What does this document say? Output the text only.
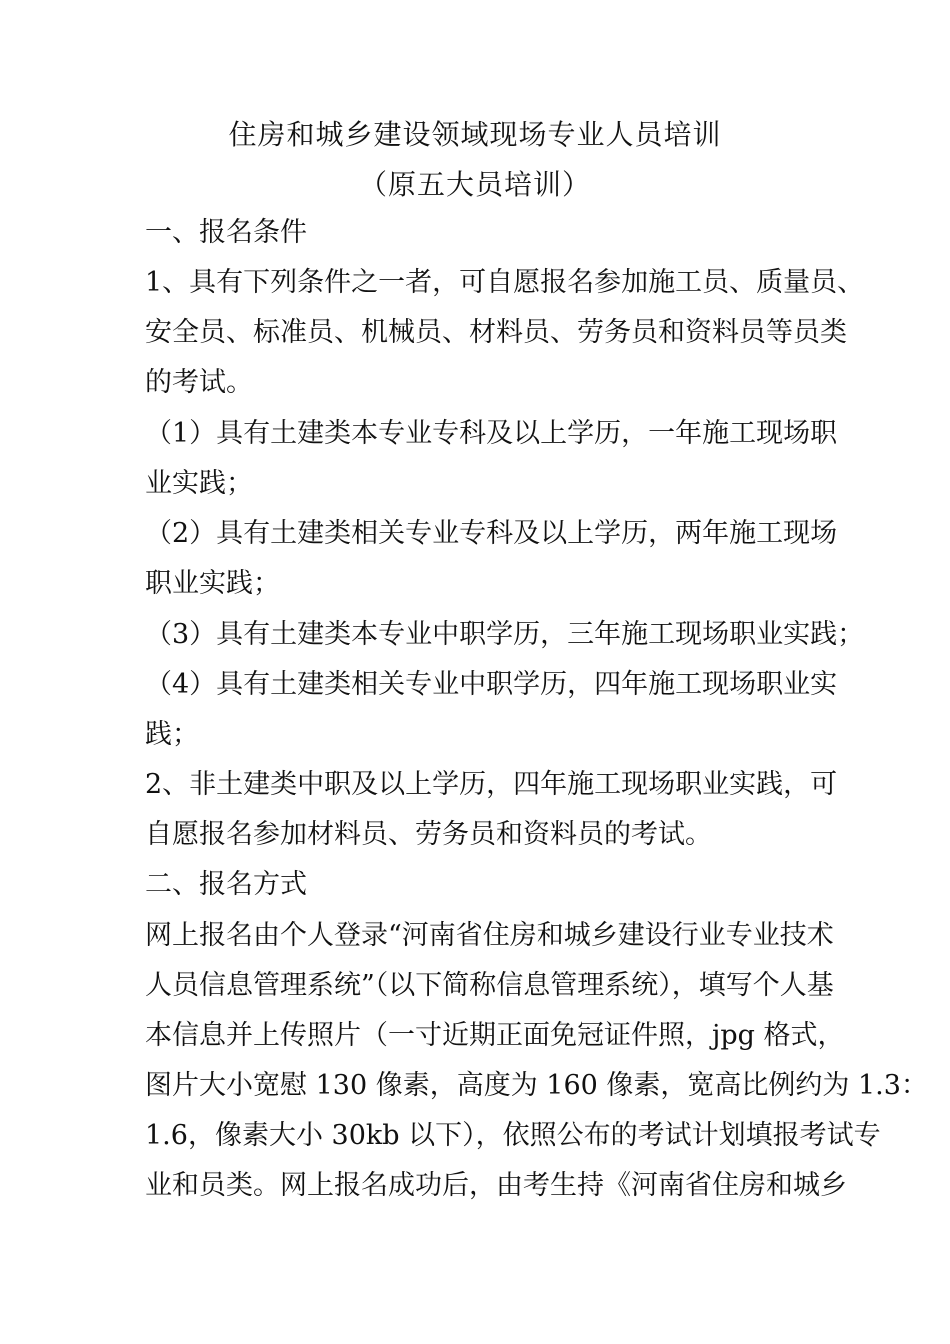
住房和城乡建设领域现场专业人员培训
（原五大员培训）
一、报名条件
1、具有下列条件之一者，可自愿报名参加施工员、质量员、
安全员、标准员、机械员、材料员、劳务员和资料员等员类
的考试。
（1）具有土建类本专业专科及以上学历，一年施工现场职
业实践；
（2）具有土建类相关专业专科及以上学历，两年施工现场
职业实践；
（3）具有土建类本专业中职学历，三年施工现场职业实践；
（4）具有土建类相关专业中职学历，四年施工现场职业实
践；
2、非土建类中职及以上学历，四年施工现场职业实践，可
自愿报名参加材料员、劳务员和资料员的考试。
二、报名方式
网上报名由个人登录“河南省住房和城乡建设行业专业技术
人员信息管理系统”（以下简称信息管理系统），填写个人基
本信息并上传照片（一寸近期正面免冠证件照，jpg 格式，
图片大小宽慰 130 像素，高度为 160 像素，宽高比例约为 1.3：
1.6，像素大小 30kb 以下），依照公布的考试计划填报考试专
业和员类。网上报名成功后，由考生持《河南省住房和城乡
